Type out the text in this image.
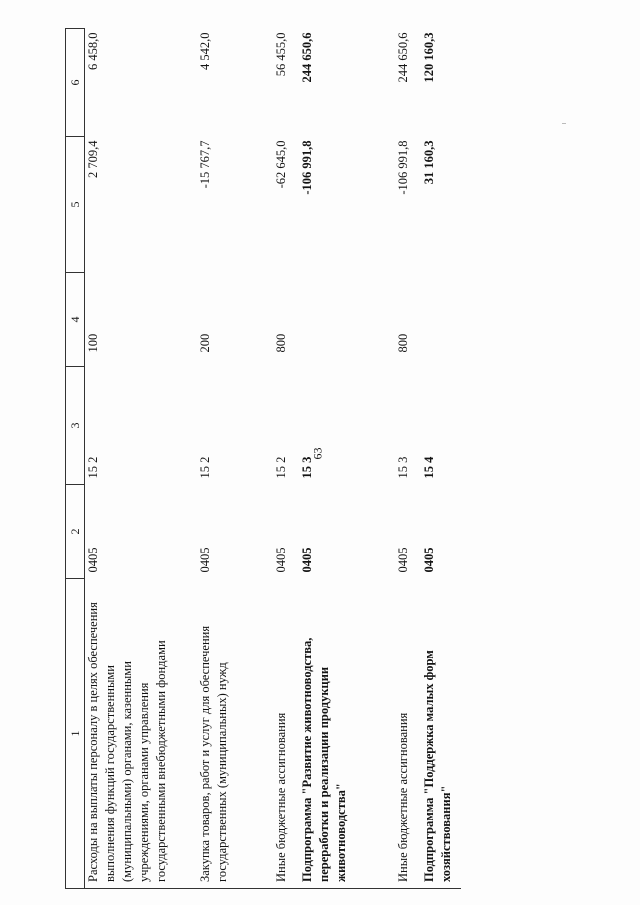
63
1	2	3	4	5	6
Расходы на выплаты персоналу в целях обеспечения выполнения функций государственными (муниципальными) органами, казенными учреждениями, органами управления государственными внебюджетными фондами	0405	15 2	100	2 709,4	6 458,0
Закупка товаров, работ и услуг для обеспечения государственных (муниципальных) нужд	0405	15 2	200	-15 767,7	4 542,0
Иные бюджетные ассигнования	0405	15 2	800	-62 645,0	56 455,0
Подпрограмма "Развитие животноводства, переработки и реализации продукции животноводства"	0405	15 3		-106 991,8	244 650,6
Иные бюджетные ассигнования	0405	15 3	800	-106 991,8	244 650,6
Подпрограмма "Поддержка малых форм хозяйствования"	0405	15 4		31 160,3	120 160,3
